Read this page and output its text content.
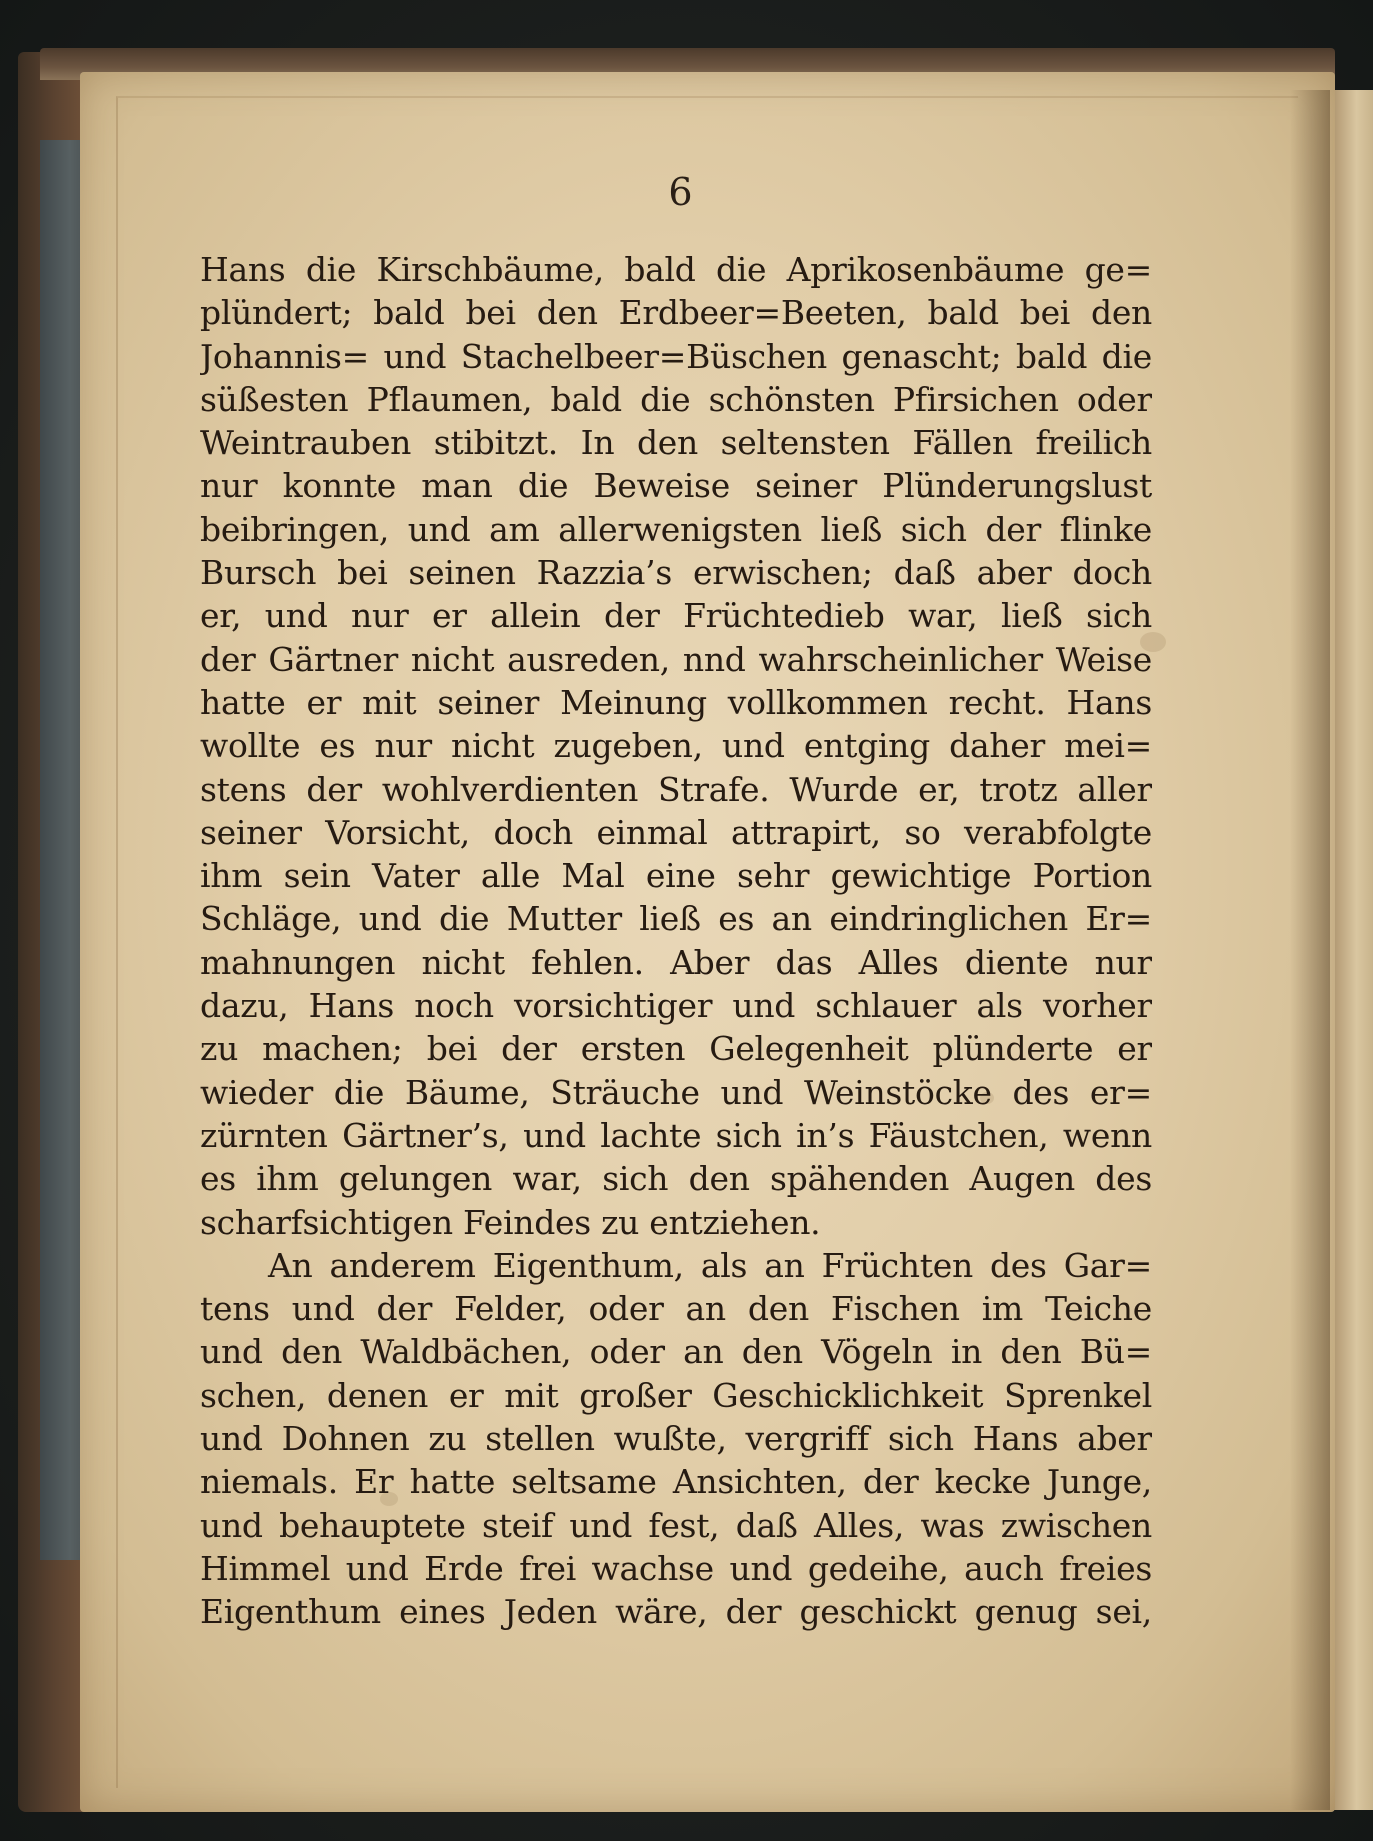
6
Hans die Kirschbäume, bald die Aprikosenbäume ge=
plündert; bald bei den Erdbeer=Beeten, bald bei den
Johannis= und Stachelbeer=Büschen genascht; bald die
süßesten Pflaumen, bald die schönsten Pfirsichen oder
Weintrauben stibitzt. In den seltensten Fällen freilich
nur konnte man die Beweise seiner Plünderungslust
beibringen, und am allerwenigsten ließ sich der flinke
Bursch bei seinen Razzia’s erwischen; daß aber doch
er, und nur er allein der Früchtedieb war, ließ sich
der Gärtner nicht ausreden, nnd wahrscheinlicher Weise
hatte er mit seiner Meinung vollkommen recht. Hans
wollte es nur nicht zugeben, und entging daher mei=
stens der wohlverdienten Strafe. Wurde er, trotz aller
seiner Vorsicht, doch einmal attrapirt, so verabfolgte
ihm sein Vater alle Mal eine sehr gewichtige Portion
Schläge, und die Mutter ließ es an eindringlichen Er=
mahnungen nicht fehlen. Aber das Alles diente nur
dazu, Hans noch vorsichtiger und schlauer als vorher
zu machen; bei der ersten Gelegenheit plünderte er
wieder die Bäume, Sträuche und Weinstöcke des er=
zürnten Gärtner’s, und lachte sich in’s Fäustchen, wenn
es ihm gelungen war, sich den spähenden Augen des
scharfsichtigen Feindes zu entziehen.
An anderem Eigenthum, als an Früchten des Gar=
tens und der Felder, oder an den Fischen im Teiche
und den Waldbächen, oder an den Vögeln in den Bü=
schen, denen er mit großer Geschicklichkeit Sprenkel
und Dohnen zu stellen wußte, vergriff sich Hans aber
niemals. Er hatte seltsame Ansichten, der kecke Junge,
und behauptete steif und fest, daß Alles, was zwischen
Himmel und Erde frei wachse und gedeihe, auch freies
Eigenthum eines Jeden wäre, der geschickt genug sei,
